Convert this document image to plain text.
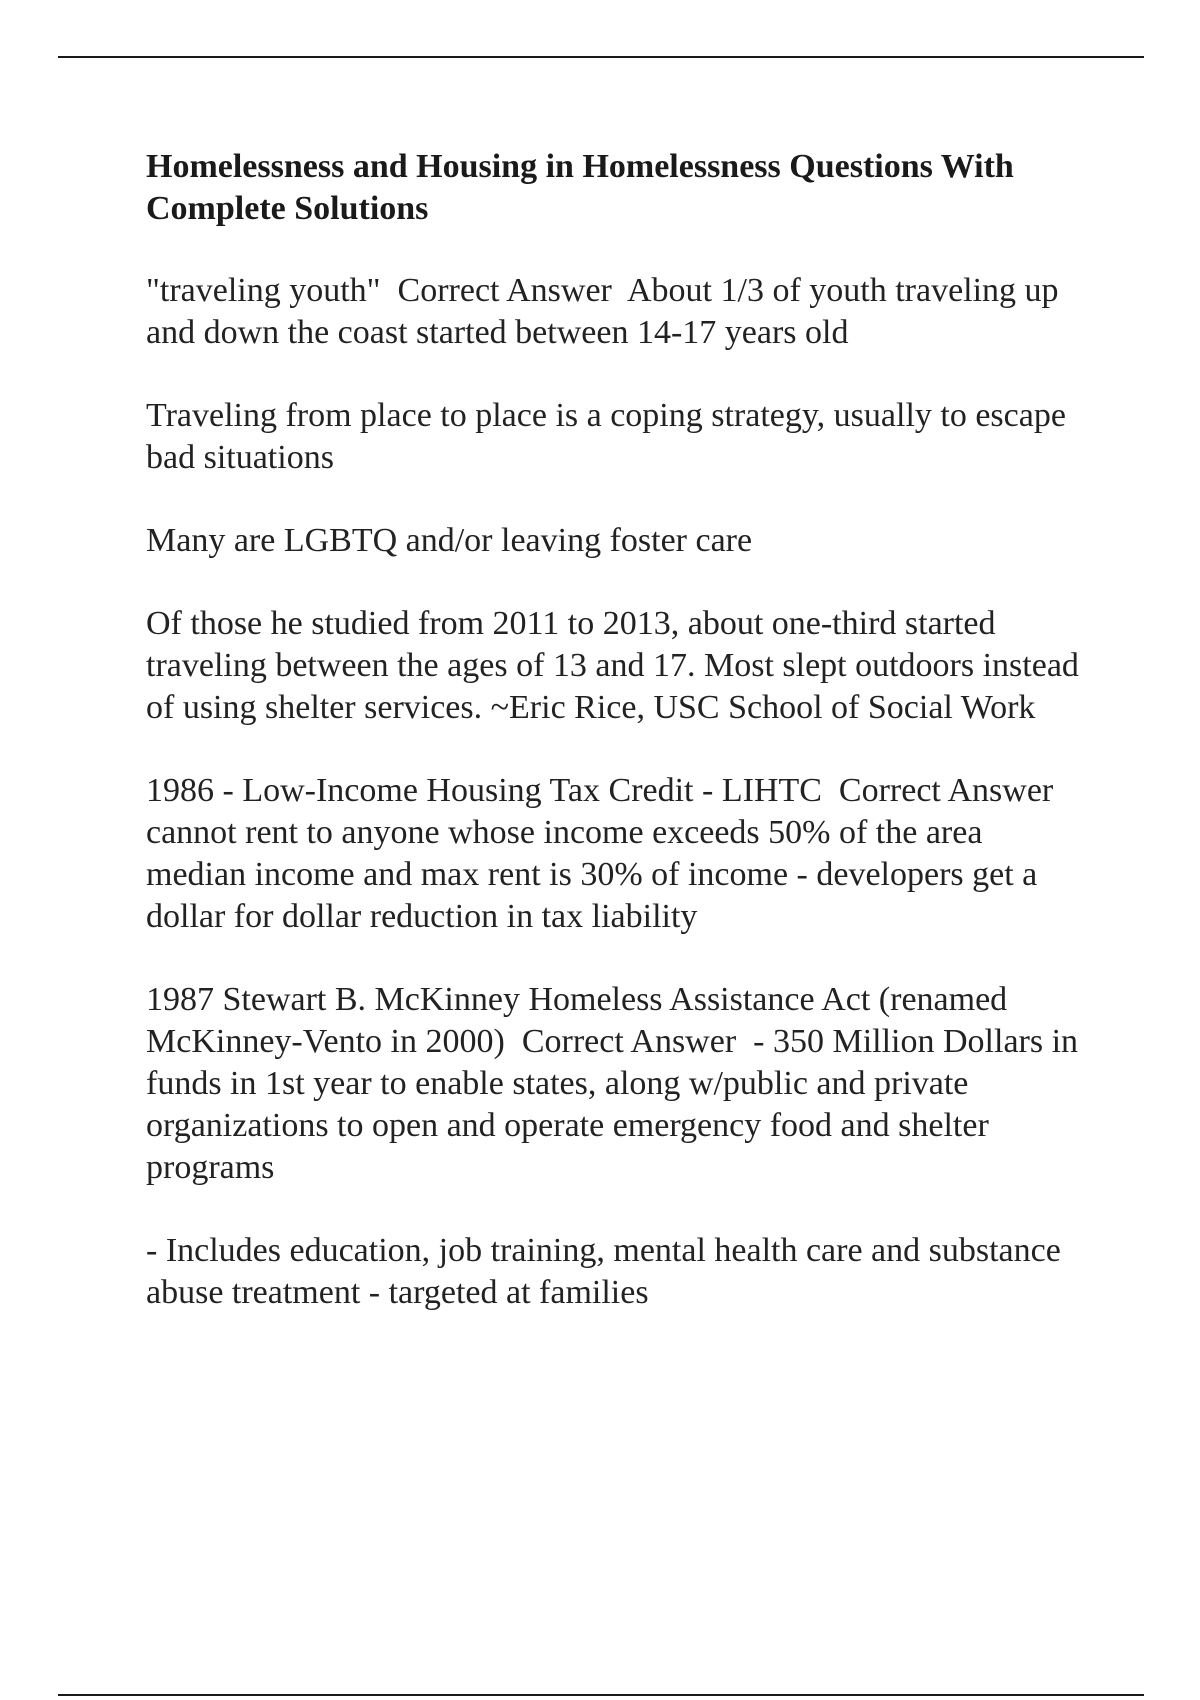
Homelessness and Housing in Homelessness Questions With Complete Solutions

"traveling youth"  Correct Answer  About 1/3 of youth traveling up and down the coast started between 14-17 years old

Traveling from place to place is a coping strategy, usually to escape bad situations

Many are LGBTQ and/or leaving foster care

Of those he studied from 2011 to 2013, about one-third started traveling between the ages of 13 and 17. Most slept outdoors instead of using shelter services. ~Eric Rice, USC School of Social Work

1986 - Low-Income Housing Tax Credit - LIHTC  Correct Answer  cannot rent to anyone whose income exceeds 50% of the area median income and max rent is 30% of income - developers get a dollar for dollar reduction in tax liability

1987 Stewart B. McKinney Homeless Assistance Act (renamed McKinney-Vento in 2000)  Correct Answer  - 350 Million Dollars in funds in 1st year to enable states, along w/public and private organizations to open and operate emergency food and shelter programs

- Includes education, job training, mental health care and substance abuse treatment - targeted at families
